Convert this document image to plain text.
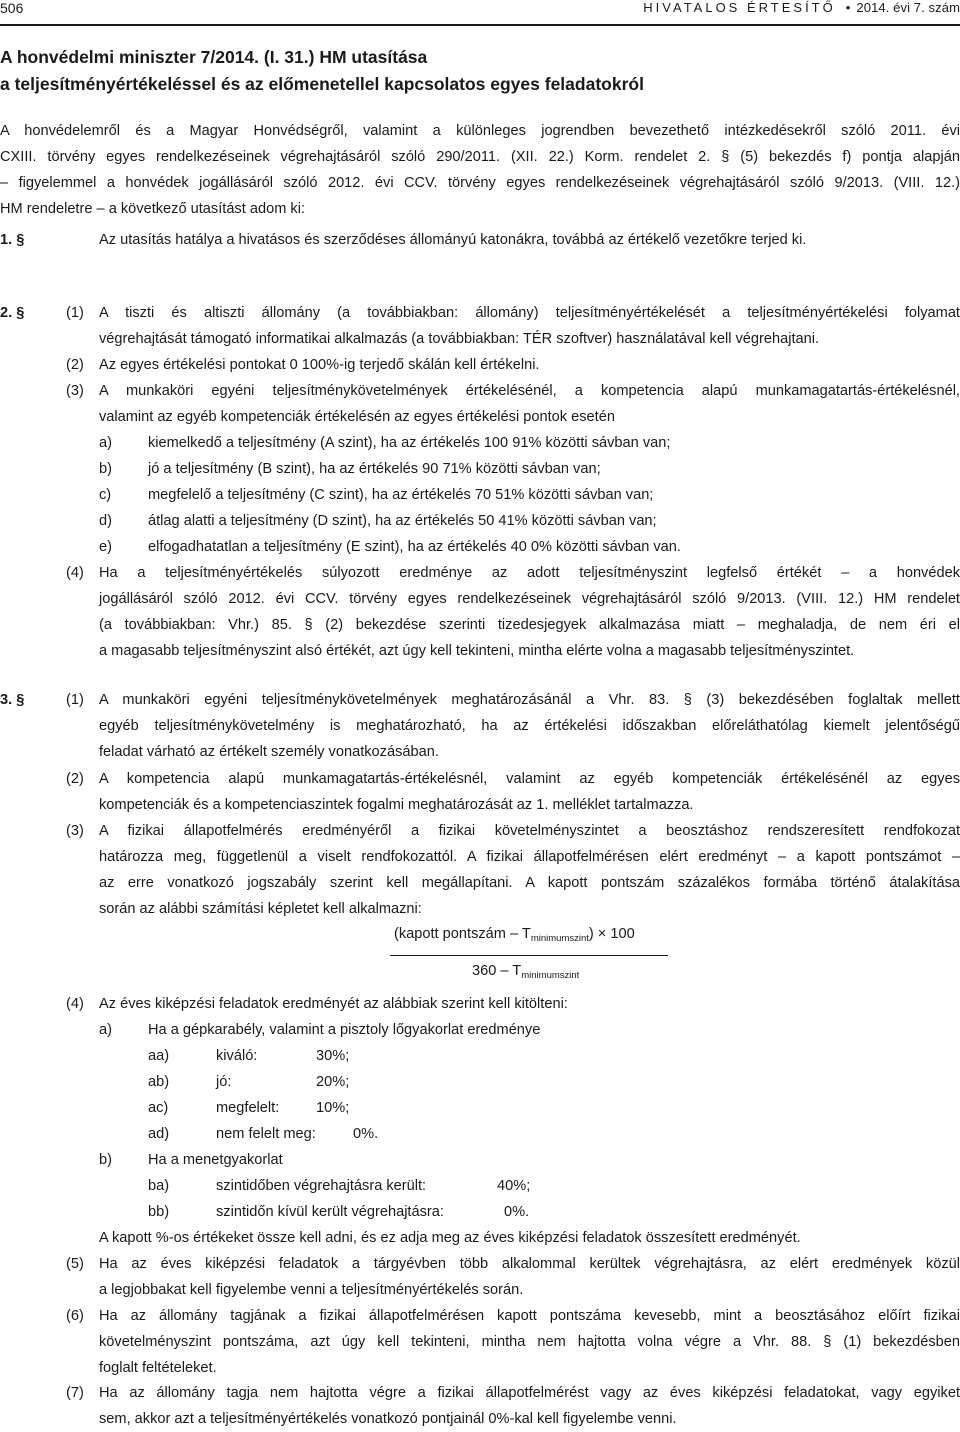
506	HIVATALOS ÉRTESÍTŐ • 2014. évi 7. szám
A honvédelmi miniszter 7/2014. (I. 31.) HM utasítása
a teljesítményértékeléssel és az előmenetellel kapcsolatos egyes feladatokról
A honvédelemről és a Magyar Honvédségről, valamint a különleges jogrendben bevezethető intézkedésekről szóló 2011. évi
CXIII. törvény egyes rendelkezéseinek végrehajtásáról szóló 290/2011. (XII. 22.) Korm. rendelet 2. § (5) bekezdés f) pontja alapján
– figyelemmel a honvédek jogállásáról szóló 2012. évi CCV. törvény egyes rendelkezéseinek végrehajtásáról szóló 9/2013. (VIII. 12.)
HM rendeletre – a következő utasítást adom ki:
1. §	Az utasítás hatálya a hivatásos és szerződéses állományú katonákra, továbbá az értékelő vezetőkre terjed ki.
2. §	(1) A tiszti és altiszti állomány (a továbbiakban: állomány) teljesítményértékelését a teljesítményértékelési folyamat
végrehajtását támogató informatikai alkalmazás (a továbbiakban: TÉR szoftver) használatával kell végrehajtani.
(2) Az egyes értékelési pontokat 0 100%-ig terjedő skálán kell értékelni.
(3) A munkaköri egyéni teljesítménykövetelmények értékelésénél, a kompetencia alapú munkamagatartás-értékelésnél,
valamint az egyéb kompetenciák értékelésén az egyes értékelési pontok esetén
a) kiemelkedő a teljesítmény (A szint), ha az értékelés 100 91% közötti sávban van;
b) jó a teljesítmény (B szint), ha az értékelés 90 71% közötti sávban van;
c)	megfelelő a teljesítmény (C szint), ha az értékelés 70 51% közötti sávban van;
d) átlag alatti a teljesítmény (D szint), ha az értékelés 50 41% közötti sávban van;
e) elfogadhatatlan a teljesítmény (E szint), ha az értékelés 40 0% közötti sávban van.
(4) Ha a teljesítményértékelés súlyozott eredménye az adott teljesítményszint legfelső értékét – a honvédek
jogállásáról szóló 2012. évi CCV. törvény egyes rendelkezéseinek végrehajtásáról szóló 9/2013. (VIII. 12.) HM rendelet
(a továbbiakban: Vhr.) 85. § (2) bekezdése szerinti tizedesjegyek alkalmazása miatt – meghaladja, de nem éri el
a magasabb teljesítményszint alsó értékét, azt úgy kell tekinteni, mintha elérte volna a magasabb teljesítményszintet.
3. §	(1) A munkaköri egyéni teljesítménykövetelmények meghatározásánál a Vhr. 83. § (3) bekezdésében foglaltak mellett
egyéb teljesítménykövetelmény is meghatározható, ha az értékelési időszakban előreláthatólag kiemelt jelentőségű
feladat várható az értékelt személy vonatkozásában.
(2) A kompetencia alapú munkamagatartás-értékelésnél, valamint az egyéb kompetenciák értékelésénél az egyes
kompetenciák és a kompetenciaszintek fogalmi meghatározását az 1. melléklet tartalmazza.
(3) A fizikai állapotfelmérés eredményéről a fizikai követelményszintet a beosztáshoz rendszeresített rendfokozat
határozza meg, függetlenül a viselt rendfokozattól. A fizikai állapotfelmérésen elért eredményt – a kapott pontszámot –
az erre vonatkozó jogszabály szerint kell megállapítani. A kapott pontszám százalékos formába történő átalakítása
során az alábbi számítási képletet kell alkalmazni:
(kapott pontszám – $T_{minimumszint}) \times 100$
$360 - T_{minimumszint}$
(4) Az éves kiképzési feladatok eredményét az alábbiak szerint kell kitölteni:
a) Ha a gépkarabély, valamint a pisztoly lőgyakorlat eredménye
aa)	kiváló:	30%;
ab)	jó:	20%;
ac)	megfelelt:	10%;
ad)	nem felelt meg:	0%.
b) Ha a menetgyakorlat
ba)	szintidőben végrehajtásra került:	40%;
bb)	szintidőn kívül került végrehajtásra:	0%.
A kapott %-os értékeket össze kell adni, és ez adja meg az éves kiképzési feladatok összesített eredményét.
(5) Ha az éves kiképzési feladatok a tárgyévben több alkalommal kerültek végrehajtásra, az elért eredmények közül
a legjobbakat kell figyelembe venni a teljesítményértékelés során.
(6) Ha az állomány tagjának a fizikai állapotfelmérésen kapott pontszáma kevesebb, mint a beosztásához előírt fizikai
követelményszint pontszáma, azt úgy kell tekinteni, mintha nem hajtotta volna végre a Vhr. 88. § (1) bekezdésben
foglalt feltételeket.
(7) Ha az állomány tagja nem hajtotta végre a fizikai állapotfelmérést vagy az éves kiképzési feladatokat, vagy egyiket
sem, akkor azt a teljesítményértékelés vonatkozó pontjainál 0%-kal kell figyelembe venni.
